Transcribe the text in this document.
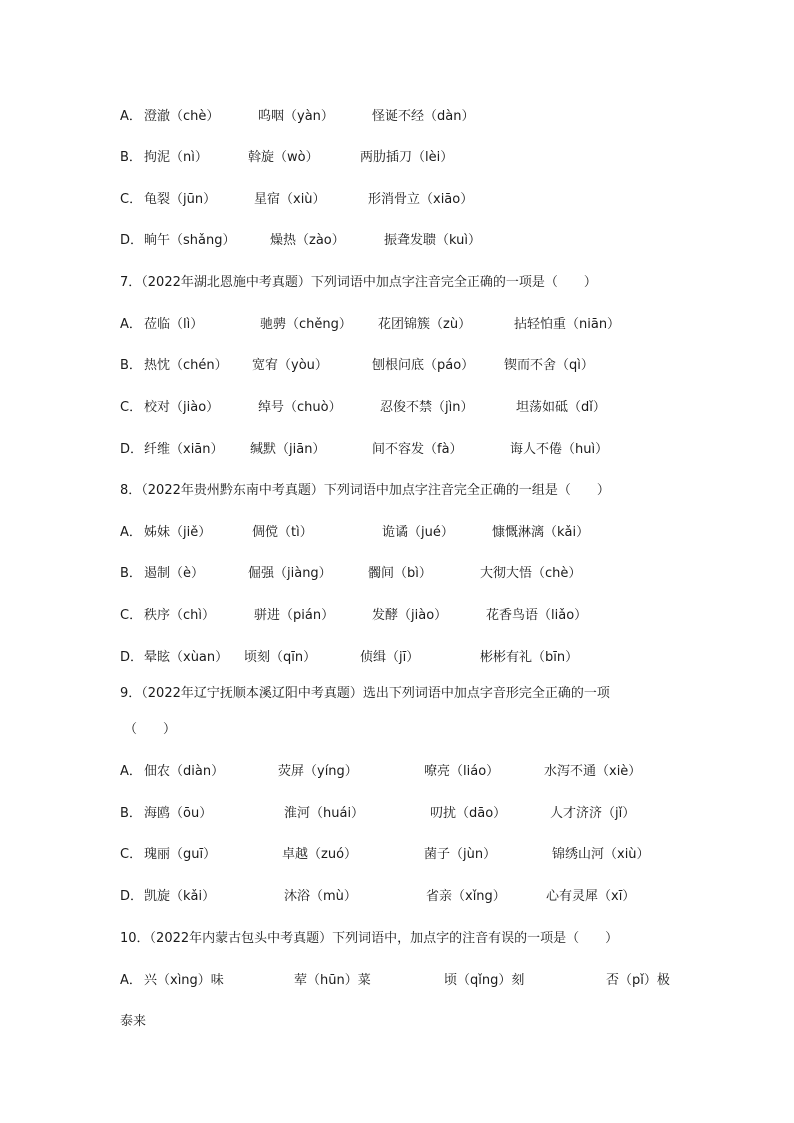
A． 澄澈（chè）	呜咽（yàn）	怪诞不经（dàn）
B． 拘泥（nì）	斡旋（wò）	两肋插刀（lèi）
C． 龟裂（jūn）	星宿（xiù）	形消骨立（xiāo）
D． 晌午（shǎng）	燥热（zào）	振聋发聩（kuì）
7．（2022年湖北恩施中考真题）下列词语中加点字注音完全正确的一项是（　　）
A． 莅临（lì）	驰骋（chěng） 花团锦簇（zù）	拈轻怕重（niān）
B． 热忱（chén） 宽宥（yòu）	刨根问底（páo） 锲而不舍（qì）
C． 校对（jiào）	绰号（chuò）	忍俊不禁（jìn）	坦荡如砥（dǐ）
D． 纤维（xiān） 缄默（jiān）	间不容发（fà）	诲人不倦（huì）
8．（2022年贵州黔东南中考真题）下列词语中加点字注音完全正确的一组是（　　）
A． 姊妹（jiě）	倜傥（tì）	诡谲（jué）	慷慨淋漓（kǎi）
B． 遏制（è）	倔强（jiàng）	髑间（bì）	大彻大悟（chè）
C． 秩序（chì）	骈进（pián）	发酵（jiào）	花香鸟语（liǎo）
D． 晕眩（xùan） 顷刻（qīn）	侦缉（jī）	彬彬有礼（bīn）
9．（2022年辽宁抚顺本溪辽阳中考真题）选出下列词语中加点字音形完全正确的一项
（　　）
A． 佃农（diàn）	荧屏（yíng）	嘹亮（liáo）	水泻不通（xiè）
B． 海鸥（ōu）	淮河（huái）	叨扰（dāo）	人才济济（jǐ）
C． 瑰丽（guī）	卓越（zuó）	菌子（jùn）	锦绣山河（xiù）
D． 凯旋（kǎi）	沐浴（mù）	省亲（xǐng）	心有灵犀（xī）
10．（2022年内蒙古包头中考真题）下列词语中，加点字的注音有误的一项是（　　）
A． 兴（xìng）味	荤（hūn）菜	顷（qǐng）刻	否（pǐ）极
泰来
